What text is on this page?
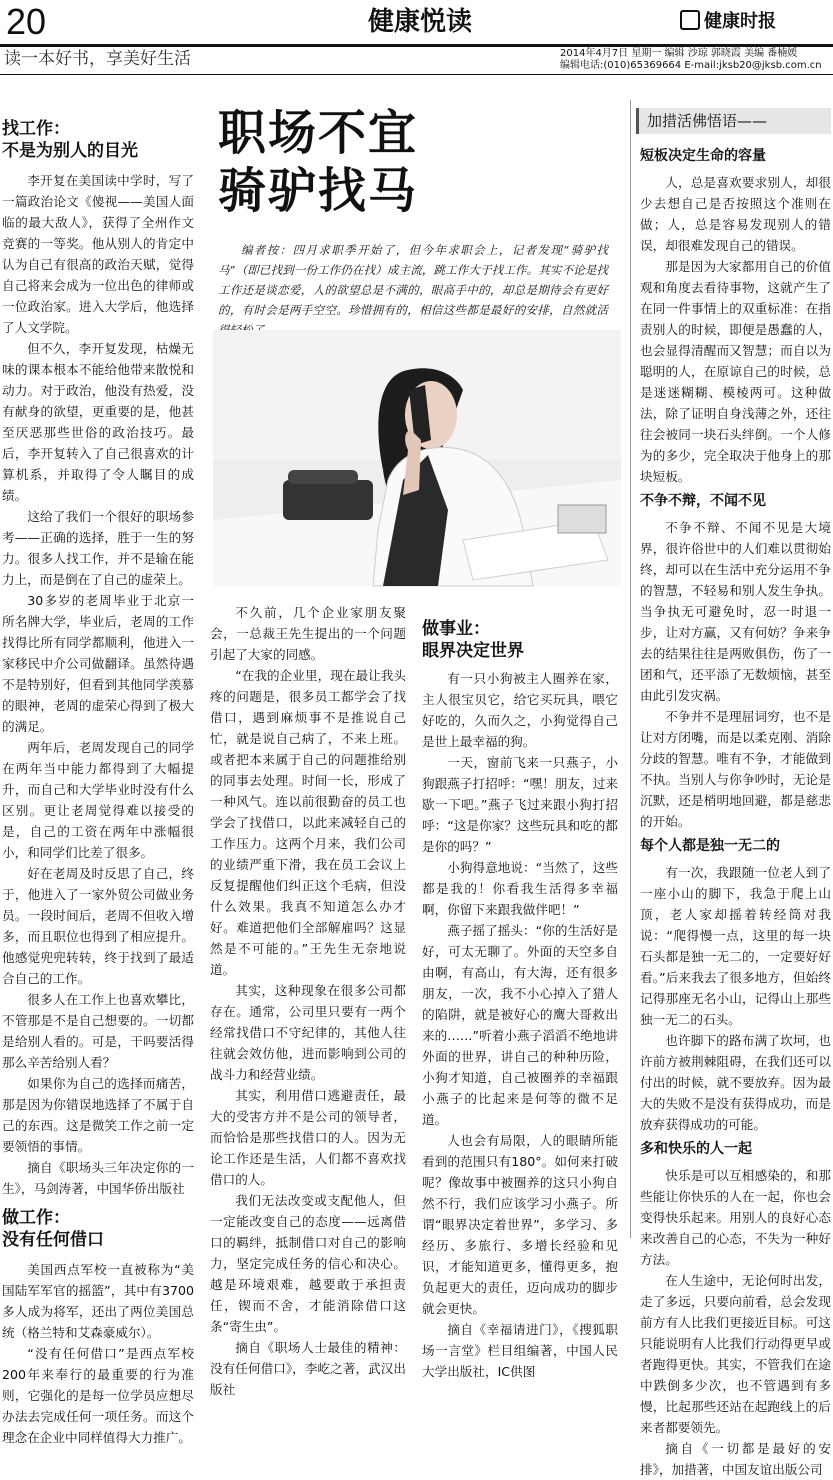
20	健康悦读	健康时报
读一本好书，享美好生活	2014年4月7日 星期一 编辑 沙琼 郭晓霞 美编 番楠媛
编辑电话:(010)65369664 E-mail:jksb20@jksb.com.cn
职场不宜
骑驴找马
编者按：四月求职季开始了，但今年求职会上，记者发现“骑驴找马”（即已找到一份工作仍在找）成主流，跳工作大于找工作。其实不论是找工作还是谈恋爱，人的欲望总是不满的，眼高手中的，却总是期待会有更好的，有时会是两手空空。珍惜拥有的，相信这些都是最好的安排，自然就活
找工作：
不是为别人的目光

李开复在美国读中学时，写了一篇政治论文《傻视——美国人面临的最大敌人》，获得了全州作文竞赛的一等奖。他从别人的肯定中认为自己有很高的政治天赋，觉得自己将来会成为一位出色的律师或一位政治家。进入大学后，他选择了人文学院。

但不久，李开复发现，枯燥无味的课本根本不能给他带来散悦和动力。对于政治，他没有热爱，没有献身的欲望，更重要的是，他甚至厌恶那些世俗的政治技巧。最后，李开复转入了自己很喜欢的计算机系，并取得了令人瞩目的成绩。

这给了我们一个很好的职场参考——正确的选择，胜于一生的努力。很多人找工作，并不是输在能力上，而是倒在了自己的虚荣上。

30多岁的老周毕业于北京一所名牌大学，毕业后，老周的工作找得比所有同学都顺利，他进入一家移民中介公司做翻译。虽然待遇不是特别好，但看到其他同学羡慕的眼神，老周的虚荣心得到了极大的满足。

两年后，老周发现自己的同学在两年当中能力都得到了大幅提升，而自己和大学毕业时没有什么区别。更让老周觉得难以接受的是，自己的工资在两年中涨幅很小，和同学们比差了很多。

好在老周及时反思了自己，终于，他进入了一家外贸公司做业务员。一段时间后，老周不但收入增多，而且职位也得到了相应提升。他感觉兜兜转转，终于找到了最适合自己的工作。

很多人在工作上也喜欢攀比，不管那是不是自己想要的。一切都是给别人看的。可是，干吗要活得那么辛苦给别人看？

如果你为自己的选择而痛苦，那是因为你错误地选择了不属于自己的东西。这是微笑工作之前一定要领悟的事情。

摘自《职场头三年决定你的一生》，马剑涛著，中国华侨出版社

做工作：
没有任何借口

美国西点军校一直被称为“美国陆军军官的摇篮”，其中有3700多人成为将军，还出了两位美国总统（格兰特和艾森豪威尔）。

“没有任何借口”是西点军校200年来奉行的最重要的行为准则，它强化的是每一位学员应想尽办法去完成任何一项任务。而这个理念在企业中同样值得大力推广。

不久前，几个企业家朋友聚会，一总裁王先生提出的一个问题引起了大家的同感。

“在我的企业里，现在最让我头疼的问题是，很多员工都学会了找借口，遇到麻烦事不是推说自己忙，就是说自己病了，不来上班。或者把本来属于自己的问题推给别的同事去处理。时间一长，形成了一种风气。连以前很勤奋的员工也学会了找借口，以此来减轻自己的工作压力。这两个月来，我们公司的业绩严重下滑，我在员工会议上反复提醒他们纠正这个毛病，但没什么效果。我真不知道怎么办才好。难道把他们全部解雇吗？这显然是不可能的。”王先生无奈地说道。

其实，这种现象在很多公司都存在。通常，公司里只要有一两个经常找借口不守纪律的，其他人往往就会效仿他，进而影响到公司的战斗力和经营业绩。

其实，利用借口逃避责任，最大的受害方并不是公司的领导者，而恰恰是那些找借口的人。因为无论工作还是生活，人们都不喜欢找借口的人。

我们无法改变或支配他人，但一定能改变自己的态度——远离借口的羁绊，抵制借口对自己的影响力，坚定完成任务的信心和决心。越是环境艰难，越要敢于承担责任，锲而不舍，才能消除借口这条“寄生虫”。

摘自《职场人士最佳的精神：没有任何借口》，李屹之著，武汉出版社

做事业：
眼界决定世界

有一只小狗被主人圈养在家，主人很宝贝它，给它买玩具，喂它好吃的，久而久之，小狗觉得自己是世上最幸福的狗。

一天，窗前飞来一只燕子，小狗跟燕子打招呼：“嘿！朋友，过来歇一下吧。”燕子飞过来跟小狗打招呼：“这是你家？这些玩具和吃的都是你的吗？”

小狗得意地说：“当然了，这些都是我的！你看我生活得多幸福啊，你留下来跟我做伴吧！”

燕子摇了摇头：“你的生活好是好，可太无聊了。外面的天空多自由啊，有高山，有大海，还有很多朋友，一次，我不小心掉入了猎人的陷阱，就是被好心的鹰大哥救出来的……”听着小燕子滔滔不绝地讲外面的世界，讲自己的种种历险，小狗才知道，自己被圈养的幸福跟小燕子的比起来是何等的微不足道。

人也会有局限，人的眼睛所能看到的范围只有180°。如何来打破呢？像故事中被圈养的这只小狗自然不行，我们应该学习小燕子。所谓“眼界决定着世界”，多学习、多经历、多旅行、多增长经验和见识，才能知道更多，懂得更多，抱负起更大的责任，迈向成功的脚步就会更快。

摘自《幸福请进门》，《搜狐职场一言堂》栏目组编著，中国人民大学出版社，IC供图

加措活佛悟语——
短板决定生命的容量

人，总是喜欢要求别人，却很少去想自己是否按照这个准则在做；人，总是容易发现别人的错误，却很难发现自己的错误。

那是因为大家都用自己的价值观和角度去看待事物，这就产生了在同一件事情上的双重标准：在指责别人的时候，即便是愚蠢的人，也会显得清醒而又智慧；而自以为聪明的人，在原谅自己的时候，总是迷迷糊糊、模棱两可。这种做法，除了证明自身浅薄之外，还往往会被同一块石头绊倒。一个人修为的多少，完全取决于他身上的那块短板。

不争不辩，不闻不见

不争不辩、不闻不见是大境界，很许俗世中的人们难以贯彻始终，却可以在生活中充分运用不争的智慧，不轻易和别人发生争执。当争执无可避免时，忍一时退一步，让对方赢，又有何妨？争来争去的结果往往是两败俱伤，伤了一团和气，还平添了无数烦恼，甚至由此引发灾祸。

不争并不是理屈词穷，也不是让对方闭嘴，而是以柔克刚、消除分歧的智慧。唯有不争，才能做到不执。当别人与你争吵时，无论是沉默，还是梢明地回避，都是慈悲的开始。

每个人都是独一无二的

有一次，我跟随一位老人到了一座小山的脚下，我急于爬上山顶，老人家却摇着转经筒对我说：“爬得慢一点，这里的每一块石头都是独一无二的，一定要好好看。”后来我去了很多地方，但始终记得那座无名小山，记得山上那些独一无二的石头。

也许脚下的路布满了坎坷，也许前方被荆棘阻碍，在我们还可以付出的时候，就不要放弃。因为最大的失败不是没有获得成功，而是放弃获得成功的可能。

多和快乐的人一起

快乐是可以互相感染的，和那些能让你快乐的人在一起，你也会变得快乐起来。用别人的良好心态来改善自己的心态，不失为一种好方法。

在人生途中，无论何时出发，走了多远，只要向前看，总会发现前方有人比我们更接近目标。可这只能说明有人比我们行动得更早或者跑得更快。其实，不管我们在途中跌倒多少次，也不管遇到有多慢，比起那些还站在起跑线上的后来者都要领先。

摘自《一切都是最好的安排》，加措著，中国友谊出版公司
